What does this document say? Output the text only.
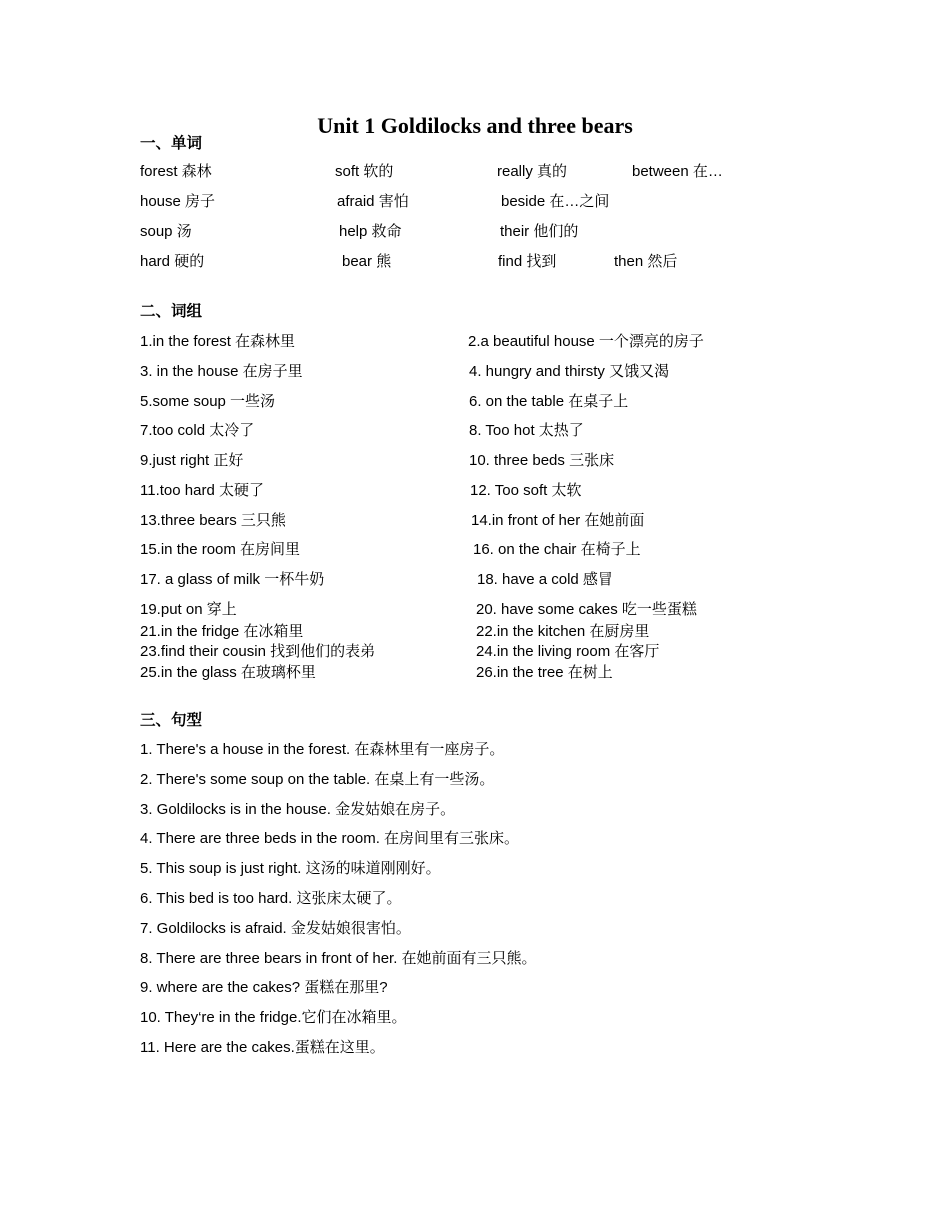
Unit 1 Goldilocks and three bears
一、单词
forest 森林	soft 软的	really 真的	between 在…
house 房子	afraid 害怕	beside 在…之间
soup 汤	help 救命	their 他们的
hard 硬的	bear 熊	find 找到	then 然后
二、词组
1.in the forest 在森林里	2.a beautiful house 一个漂亮的房子
3. in the house 在房子里	4. hungry and thirsty 又饿又渴
5.some soup 一些汤	6. on the table 在桌子上
7.too cold 太冷了	8. Too hot 太热了
9.just right 正好	10. three beds 三张床
11.too hard 太硬了	12. Too soft 太软
13.three bears 三只熊	14.in front of her 在她前面
15.in the room 在房间里	16. on the chair 在椅子上
17. a glass of milk 一杯牛奶	18. have a cold 感冒
19.put on 穿上	20. have some cakes 吃一些蛋糕
21.in the fridge 在冰箱里	22.in the kitchen 在厨房里
23.find their cousin 找到他们的表弟	24.in the living room 在客厅
25.in the glass 在玻璃杯里	26.in the tree 在树上
三、句型
1. There's a house in the forest. 在森林里有一座房子。
2. There's some soup on the table. 在桌上有一些汤。
3. Goldilocks is in the house. 金发姑娘在房子。
4. There are three beds in the room. 在房间里有三张床。
5. This soup is just right. 这汤的味道刚刚好。
6. This bed is too hard. 这张床太硬了。
7. Goldilocks is afraid. 金发姑娘很害怕。
8. There are three bears in front of her. 在她前面有三只熊。
9. where are the cakes? 蛋糕在那里?
10. They‘re in the fridge.它们在冰箱里。
11. Here are the cakes.蛋糕在这里。
